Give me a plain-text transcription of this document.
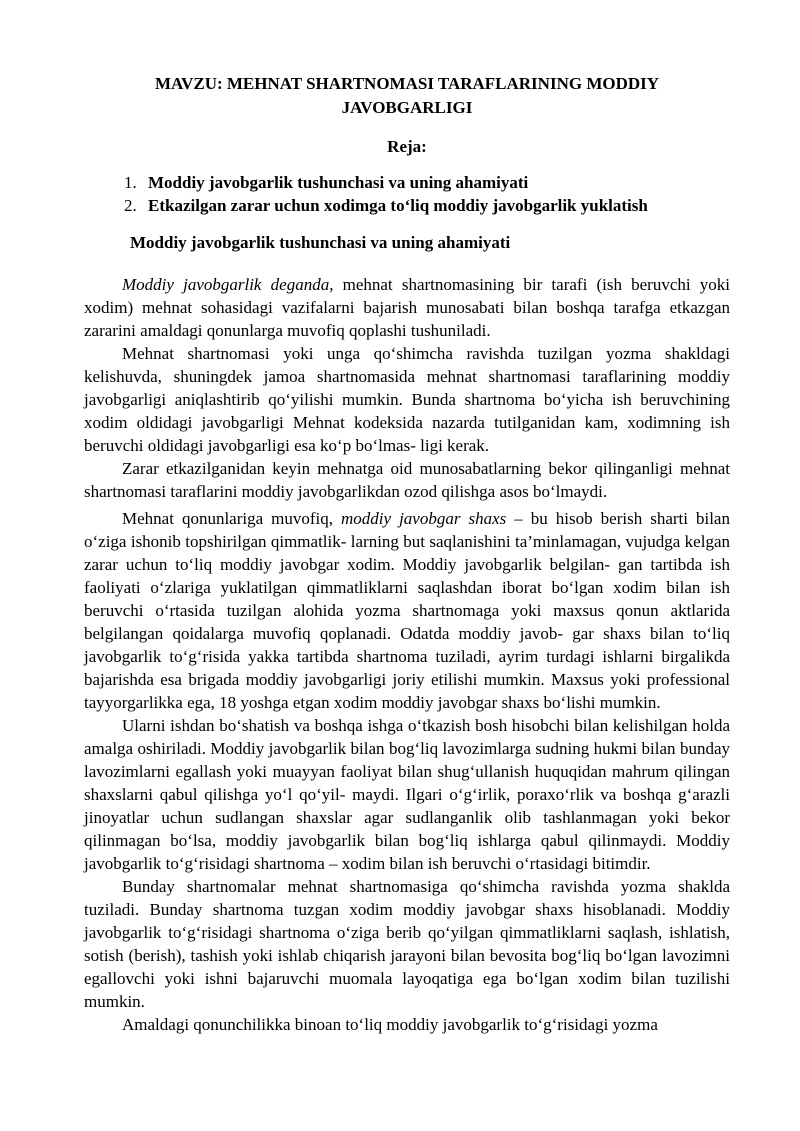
MAVZU: MEHNAT SHARTNOMASI TARAFLARINING MODDIY
JAVOBGARLIGI
Reja:
1. Moddiy javobgarlik tushunchasi va uning ahamiyati
2. Etkazilgan zarar uchun xodimga to‘liq moddiy javobgarlik yuklatish
Moddiy javobgarlik tushunchasi va uning ahamiyati

Moddiy javobgarlik deganda, mehnat shartnomasining bir tarafi (ish beruvchi yoki xodim) mehnat sohasidagi vazifalarni bajarish munosabati bilan boshqa tarafga etkazgan zararini amaldagi qonunlarga muvofiq qoplashi tushuniladi.

Mehnat shartnomasi yoki unga qo‘shimcha ravishda tuzilgan yozma shakldagi kelishuvda, shuningdek jamoa shartnomasida mehnat shartnomasi taraflarining moddiy javobgarligi aniqlashtirib qo‘yilishi mumkin. Bunda shartnoma bo‘yicha ish beruvchining xodim oldidagi javobgarligi Mehnat kodeksida nazarda tutilganidan kam, xodimning ish beruvchi oldidagi javobgarligi esa ko‘p bo‘lmas- ligi kerak.

Zarar etkazilganidan keyin mehnatga oid munosabatlarning bekor qilinganligi mehnat shartnomasi taraflarini moddiy javobgarlikdan ozod qilishga asos bo‘lmaydi.

Mehnat qonunlariga muvofiq, moddiy javobgar shaxs – bu hisob berish sharti bilan o‘ziga ishonib topshirilgan qimmatlik- larning but saqlanishini ta’minlamagan, vujudga kelgan zarar uchun to‘liq moddiy javobgar xodim. Moddiy javobgarlik belgilan- gan tartibda ish faoliyati o‘zlariga yuklatilgan qimmatliklarni saqlashdan iborat bo‘lgan xodim bilan ish beruvchi o‘rtasida tuzilgan alohida yozma shartnomaga yoki maxsus qonun aktlarida belgilangan qoidalarga muvofiq qoplanadi. Odatda moddiy javob- gar shaxs bilan to‘liq javobgarlik to‘g‘risida yakka tartibda shartnoma tuziladi, ayrim turdagi ishlarni birgalikda bajarishda esa brigada moddiy javobgarligi joriy etilishi mumkin. Maxsus yoki professional tayyorgarlikka ega, 18 yoshga etgan xodim moddiy javobgar shaxs bo‘lishi mumkin.

Ularni ishdan bo‘shatish va boshqa ishga o‘tkazish bosh hisobchi bilan kelishilgan holda amalga oshiriladi. Moddiy javobgarlik bilan bog‘liq lavozimlarga sudning hukmi bilan bunday lavozimlarni egallash yoki muayyan faoliyat bilan shug‘ullanish huquqidan mahrum qilingan shaxslarni qabul qilishga yo‘l qo‘yil- maydi. Ilgari o‘g‘irlik, poraxo‘rlik va boshqa g‘arazli jinoyatlar uchun sudlangan shaxslar agar sudlanganlik olib tashlanmagan yoki bekor qilinmagan bo‘lsa, moddiy javobgarlik bilan bog‘liq ishlarga qabul qilinmaydi. Moddiy javobgarlik to‘g‘risidagi shartnoma – xodim bilan ish beruvchi o‘rtasidagi bitimdir.

Bunday shartnomalar mehnat shartnomasiga qo‘shimcha ravishda yozma shaklda tuziladi. Bunday shartnoma tuzgan xodim moddiy javobgar shaxs hisoblanadi. Moddiy javobgarlik to‘g‘risidagi shartnoma o‘ziga berib qo‘yilgan qimmatliklarni saqlash, ishlatish, sotish (berish), tashish yoki ishlab chiqarish jarayoni bilan bevosita bog‘liq bo‘lgan lavozimni egallovchi yoki ishni bajaruvchi muomala layoqatiga ega bo‘lgan xodim bilan tuzilishi mumkin.

Amaldagi qonunchilikka binoan to‘liq moddiy javobgarlik to‘g‘risidagi yozma
